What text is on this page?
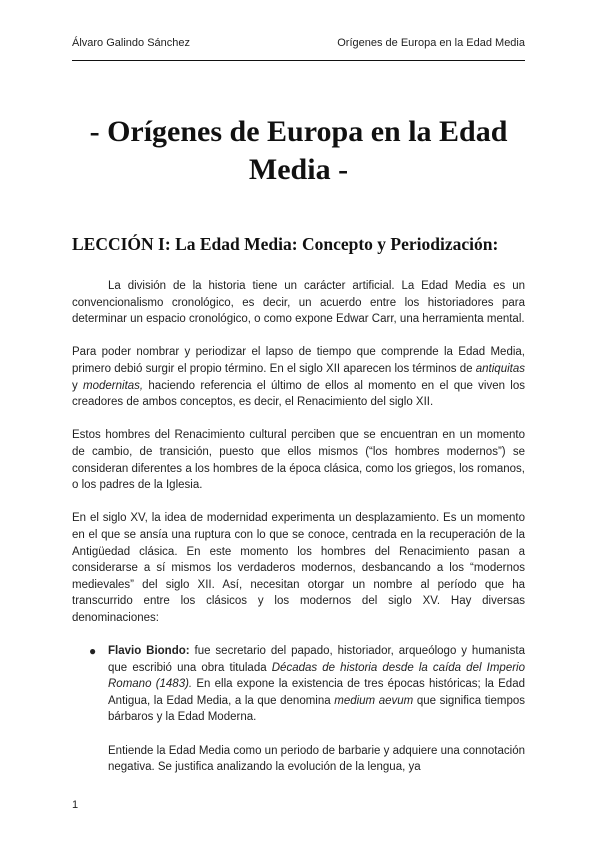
Álvaro Galindo Sánchez	Orígenes de Europa en la Edad Media
- Orígenes de Europa en la Edad Media -
LECCIÓN I: La Edad Media: Concepto y Periodización:

La división de la historia tiene un carácter artificial. La Edad Media es un convencionalismo cronológico, es decir, un acuerdo entre los historiadores para determinar un espacio cronológico, o como expone Edwar Carr, una herramienta mental.

Para poder nombrar y periodizar el lapso de tiempo que comprende la Edad Media, primero debió surgir el propio término. En el siglo XII aparecen los términos de antiquitas y modernitas, haciendo referencia el último de ellos al momento en el que viven los creadores de ambos conceptos, es decir, el Renacimiento del siglo XII.

Estos hombres del Renacimiento cultural perciben que se encuentran en un momento de cambio, de transición, puesto que ellos mismos (“los hombres modernos”) se consideran diferentes a los hombres de la época clásica, como los griegos, los romanos, o los padres de la Iglesia.

En el siglo XV, la idea de modernidad experimenta un desplazamiento. Es un momento en el que se ansía una ruptura con lo que se conoce, centrada en la recuperación de la Antigüedad clásica. En este momento los hombres del Renacimiento pasan a considerarse a sí mismos los verdaderos modernos, desbancando a los “modernos medievales” del siglo XII. Así, necesitan otorgar un nombre al período que ha transcurrido entre los clásicos y los modernos del siglo XV. Hay diversas denominaciones:

● Flavio Biondo: fue secretario del papado, historiador, arqueólogo y humanista que escribió una obra titulada Décadas de historia desde la caída del Imperio Romano (1483). En ella expone la existencia de tres épocas históricas; la Edad Antigua, la Edad Media, a la que denomina medium aevum que significa tiempos bárbaros y la Edad Moderna.

Entiende la Edad Media como un periodo de barbarie y adquiere una connotación negativa. Se justifica analizando la evolución de la lengua, ya

1
